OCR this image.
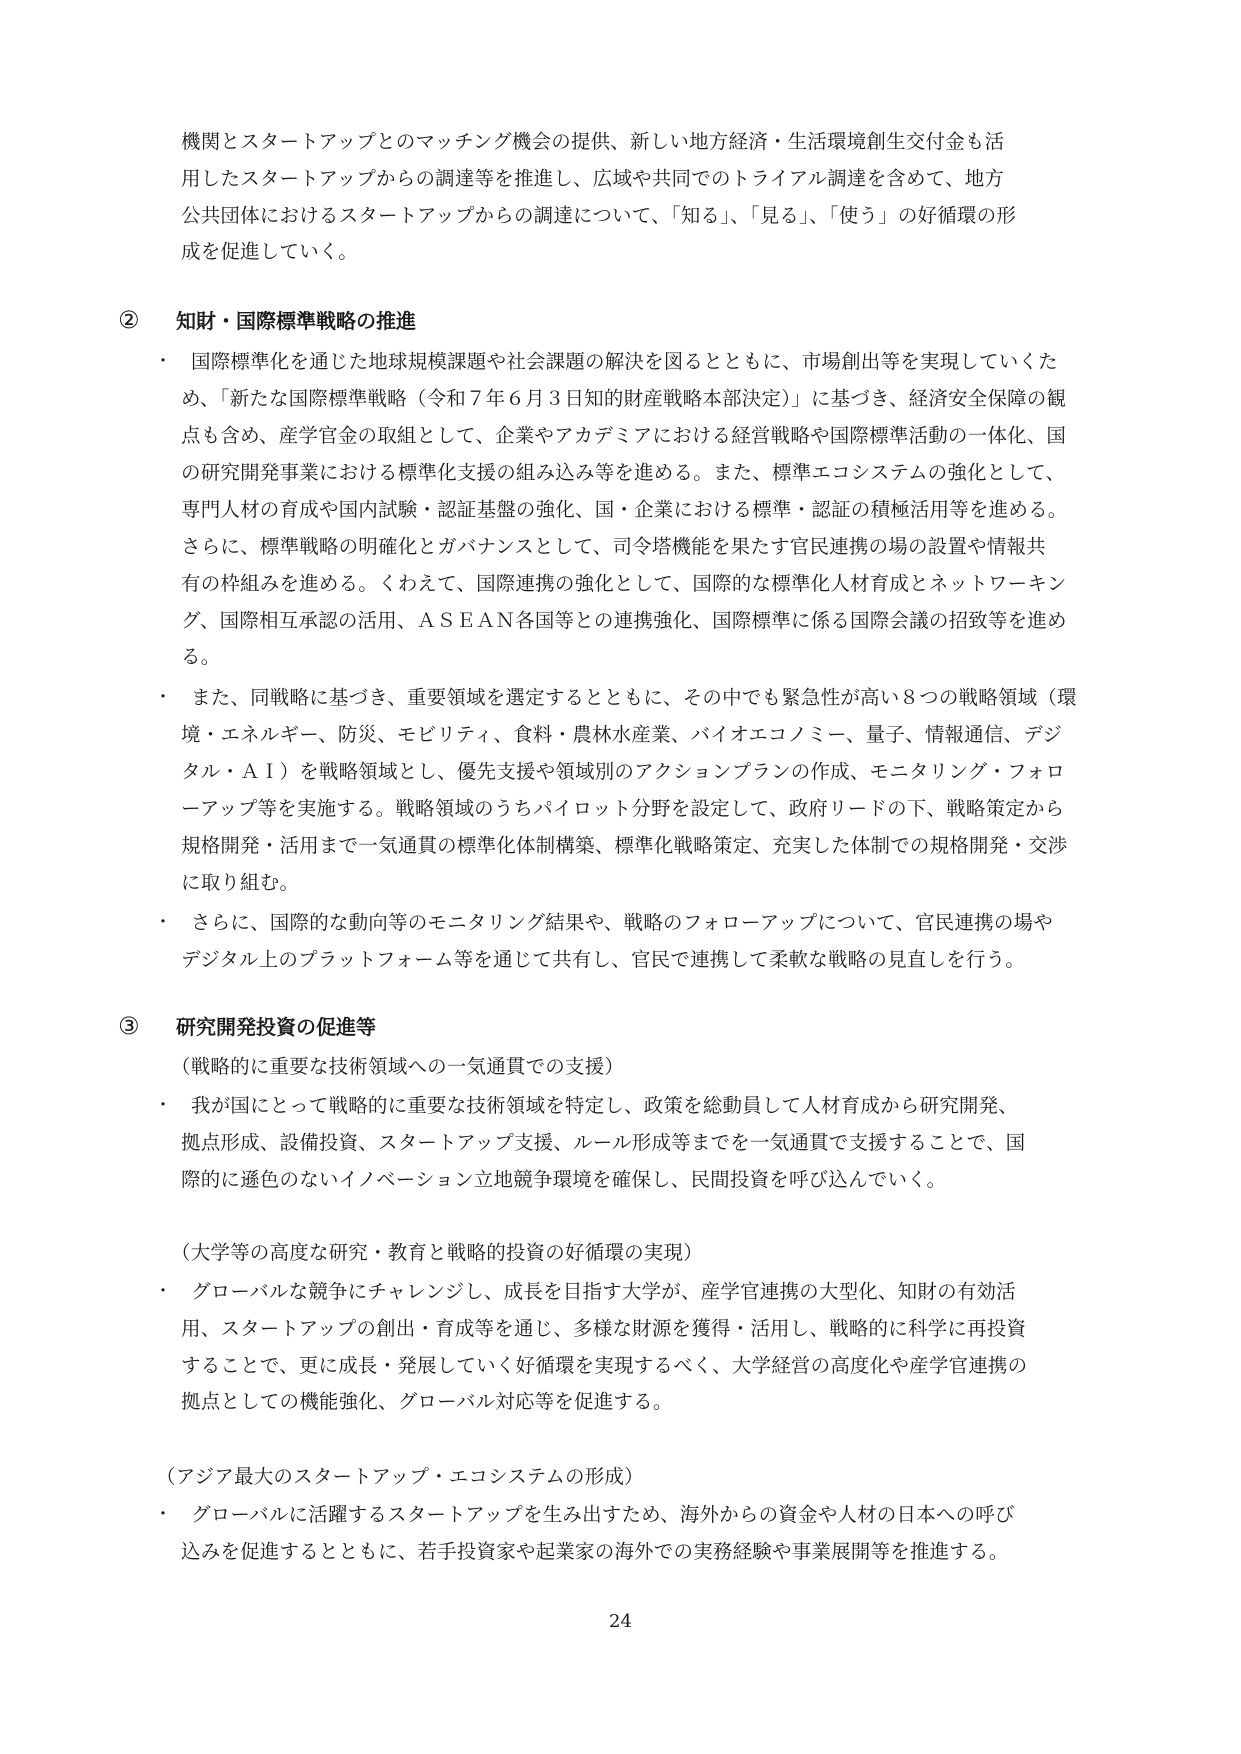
機関とスタートアップとのマッチング機会の提供、新しい地方経済・生活環境創生交付金も活
用したスタートアップからの調達等を推進し、広域や共同でのトライアル調達を含めて、地方
公共団体におけるスタートアップからの調達について、「知る」、「見る」、「使う」の好循環の形
成を促進していく。
② 知財・国際標準戦略の推進
・ 国際標準化を通じた地球規模課題や社会課題の解決を図るとともに、市場創出等を実現していくた
め、「新たな国際標準戦略（令和７年６月３日知的財産戦略本部決定）」に基づき、経済安全保障の観
点も含め、産学官金の取組として、企業やアカデミアにおける経営戦略や国際標準活動の一体化、国
の研究開発事業における標準化支援の組み込み等を進める。また、標準エコシステムの強化として、
専門人材の育成や国内試験・認証基盤の強化、国・企業における標準・認証の積極活用等を進める。
さらに、標準戦略の明確化とガバナンスとして、司令塔機能を果たす官民連携の場の設置や情報共
有の枠組みを進める。くわえて、国際連携の強化として、国際的な標準化人材育成とネットワーキン
グ、国際相互承認の活用、ＡＳＥＡＮ各国等との連携強化、国際標準に係る国際会議の招致等を進め
る。
・ また、同戦略に基づき、重要領域を選定するとともに、その中でも緊急性が高い８つの戦略領域（環
境・エネルギー、防災、モビリティ、食料・農林水産業、バイオエコノミー、量子、情報通信、デジ
タル・ＡＩ）を戦略領域とし、優先支援や領域別のアクションプランの作成、モニタリング・フォロ
ーアップ等を実施する。戦略領域のうちパイロット分野を設定して、政府リードの下、戦略策定から
規格開発・活用まで一気通貫の標準化体制構築、標準化戦略策定、充実した体制での規格開発・交渉
に取り組む。
・ さらに、国際的な動向等のモニタリング結果や、戦略のフォローアップについて、官民連携の場や
デジタル上のプラットフォーム等を通じて共有し、官民で連携して柔軟な戦略の見直しを行う。
③ 研究開発投資の促進等
（戦略的に重要な技術領域への一気通貫での支援）
・ 我が国にとって戦略的に重要な技術領域を特定し、政策を総動員して人材育成から研究開発、
拠点形成、設備投資、スタートアップ支援、ルール形成等までを一気通貫で支援することで、国
際的に遜色のないイノベーション立地競争環境を確保し、民間投資を呼び込んでいく。
（大学等の高度な研究・教育と戦略的投資の好循環の実現）
・ グローバルな競争にチャレンジし、成長を目指す大学が、産学官連携の大型化、知財の有効活
用、スタートアップの創出・育成等を通じ、多様な財源を獲得・活用し、戦略的に科学に再投資
することで、更に成長・発展していく好循環を実現するべく、大学経営の高度化や産学官連携の
拠点としての機能強化、グローバル対応等を促進する。
（アジア最大のスタートアップ・エコシステムの形成）
・ グローバルに活躍するスタートアップを生み出すため、海外からの資金や人材の日本への呼び
込みを促進するとともに、若手投資家や起業家の海外での実務経験や事業展開等を推進する。
24
